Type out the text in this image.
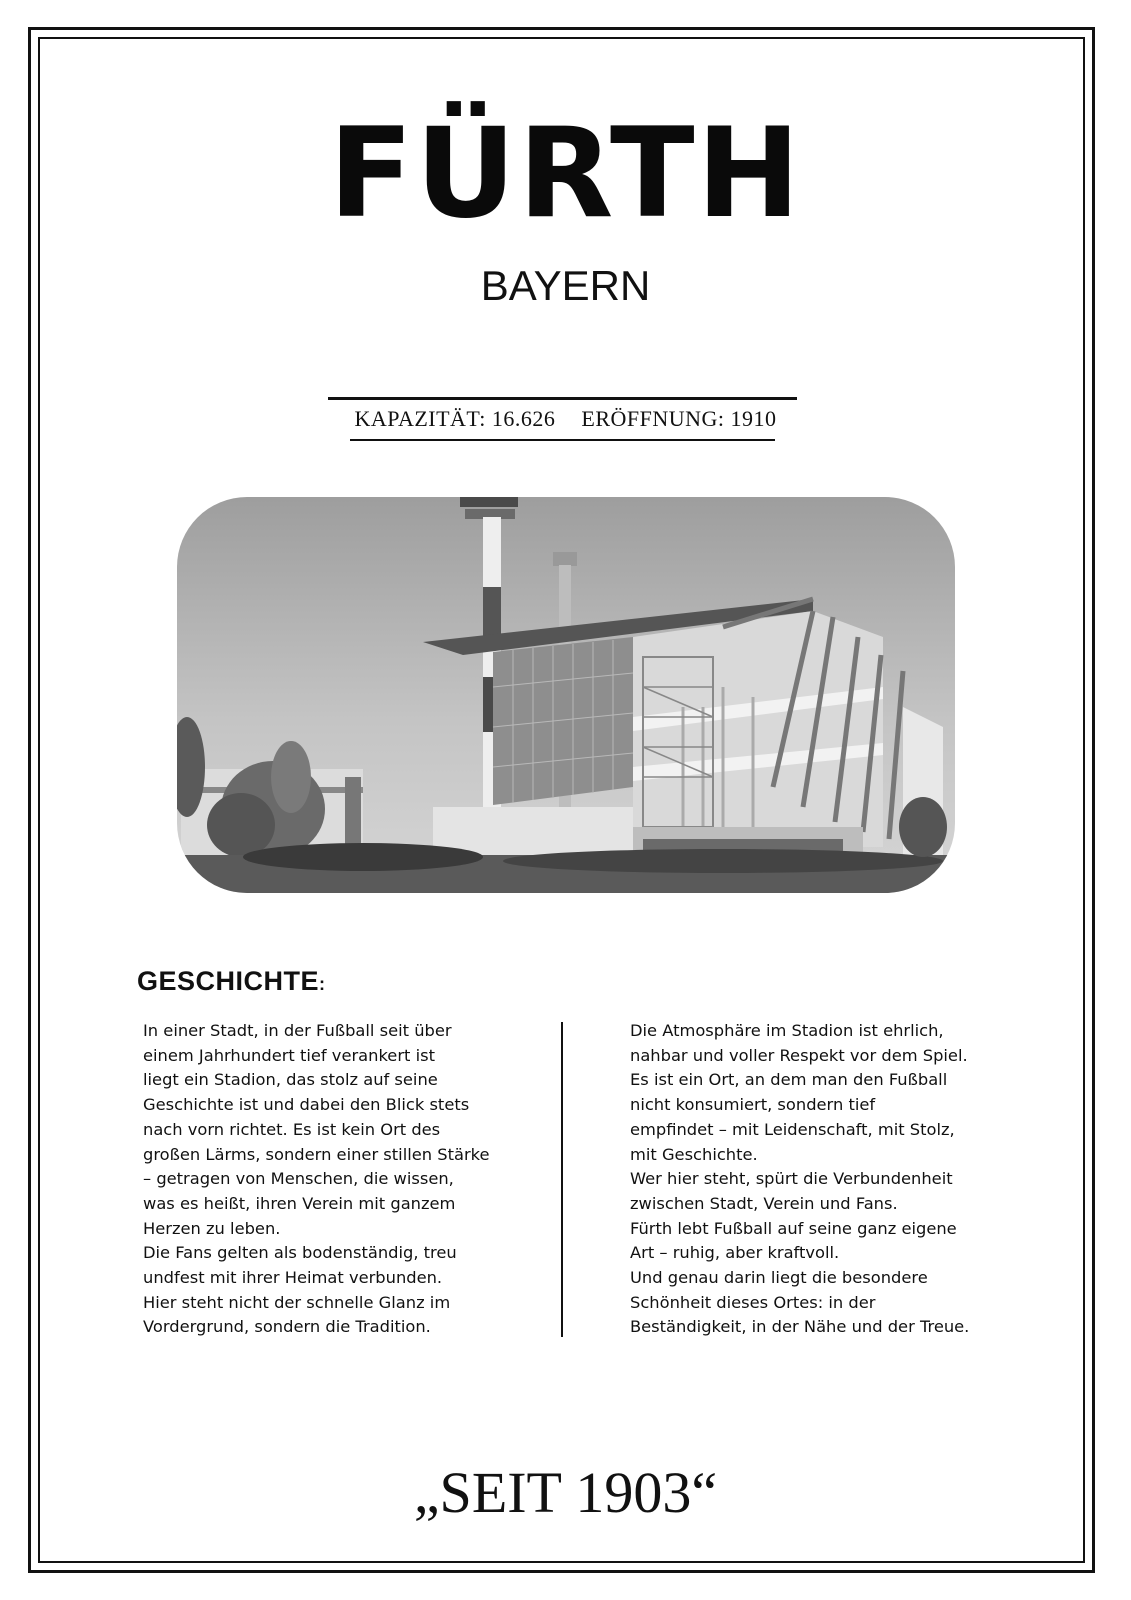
FÜRTH
BAYERN
KAPAZITÄT: 16.626 ERÖFFNUNG: 1910
GESCHICHTE:

In einer Stadt, in der Fußball seit über

einem Jahrhundert tief verankert ist

liegt ein Stadion, das stolz auf seine

Geschichte ist und dabei den Blick stets

nach vorn richtet. Es ist kein Ort des

großen Lärms, sondern einer stillen Stärke

– getragen von Menschen, die wissen,

was es heißt, ihren Verein mit ganzem

Herzen zu leben.

Die Fans gelten als bodenständig, treu

undfest mit ihrer Heimat verbunden.

Hier steht nicht der schnelle Glanz im

Vordergrund, sondern die Tradition.

Die Atmosphäre im Stadion ist ehrlich,

nahbar und voller Respekt vor dem Spiel.

Es ist ein Ort, an dem man den Fußball

nicht konsumiert, sondern tief

empfindet – mit Leidenschaft, mit Stolz,

mit Geschichte.

Wer hier steht, spürt die Verbundenheit

zwischen Stadt, Verein und Fans.

Fürth lebt Fußball auf seine ganz eigene

Art – ruhig, aber kraftvoll.

Und genau darin liegt die besondere

Schönheit dieses Ortes: in der

Beständigkeit, in der Nähe und der Treue.

„SEIT 1903“
